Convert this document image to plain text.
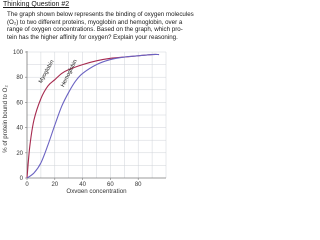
Thinking Question #2
The graph shown below represents the binding of oxygen molecules
(O₂) to two different proteins, myoglobin and hemoglobin, over a
range of oxygen concentrations. Based on the graph, which pro-
tein has the higher affinity for oxygen? Explain your reasoning.
0
20
40
60
80
100
0	20	40	60	80
Oxygen concentration
% of protein bound to O₂
Myoglobin Hemoglobin
